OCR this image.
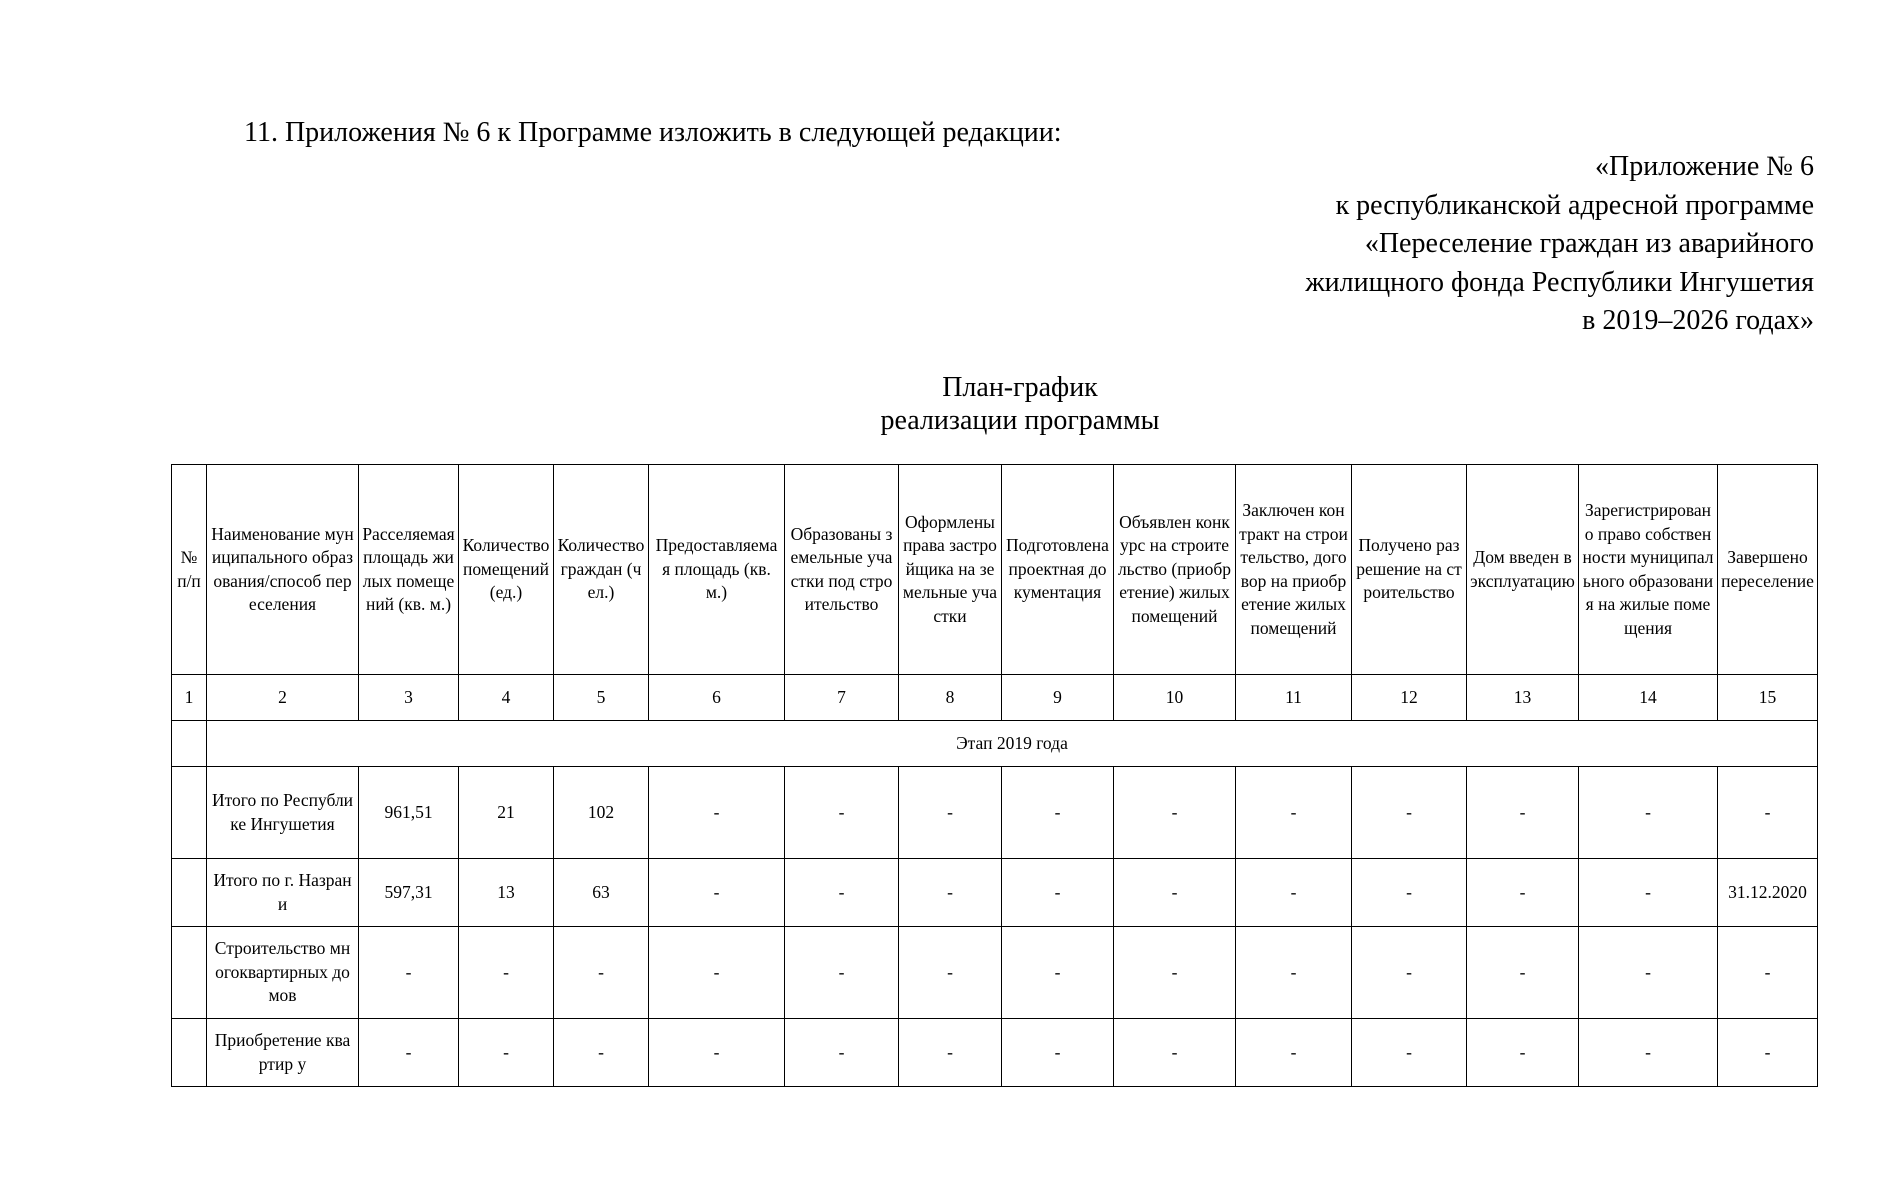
11. Приложения № 6 к Программе изложить в следующей редакции:
«Приложение № 6
к республиканской адресной программе
«Переселение граждан из аварийного
жилищного фонда Республики Ингушетия
в 2019–2026 годах»
План-график
реализации программы
№ п/п	Наименование муниципального образования/способ переселения	Расселяемая площадь жилых помещений (кв. м.)	Количество помещений (ед.)	Количество граждан (чел.)	Предоставляемая площадь (кв. м.)	Образованы земельные участки под строительство	Оформлены права застройщика на земельные участки	Подготовлена проектная документация	Объявлен конкурс на строительство (приобретение) жилых помещений	Заключен контракт на строительство, договор на приобретение жилых помещений	Получено разрешение на строительство	Дом введен в эксплуатацию	Зарегистрировано право собственности муниципального образования на жилые помещения	Завершено переселение
1	2	3	4	5	6	7	8	9	10	11	12	13	14	15
	Этап 2019 года													
	Итого по Республике Ингушетия	961,51	21	102	-	-	-	-	-	-	-	-	-	-
	Итого по г. Назрани	597,31	13	63	-	-	-	-	-	-	-	-	-	31.12.2020
	Строительство многоквартирных домов	-	-	-	-	-	-	-	-	-	-	-	-	-
	Приобретение квартир у	-	-	-	-	-	-	-	-	-	-	-	-	-
